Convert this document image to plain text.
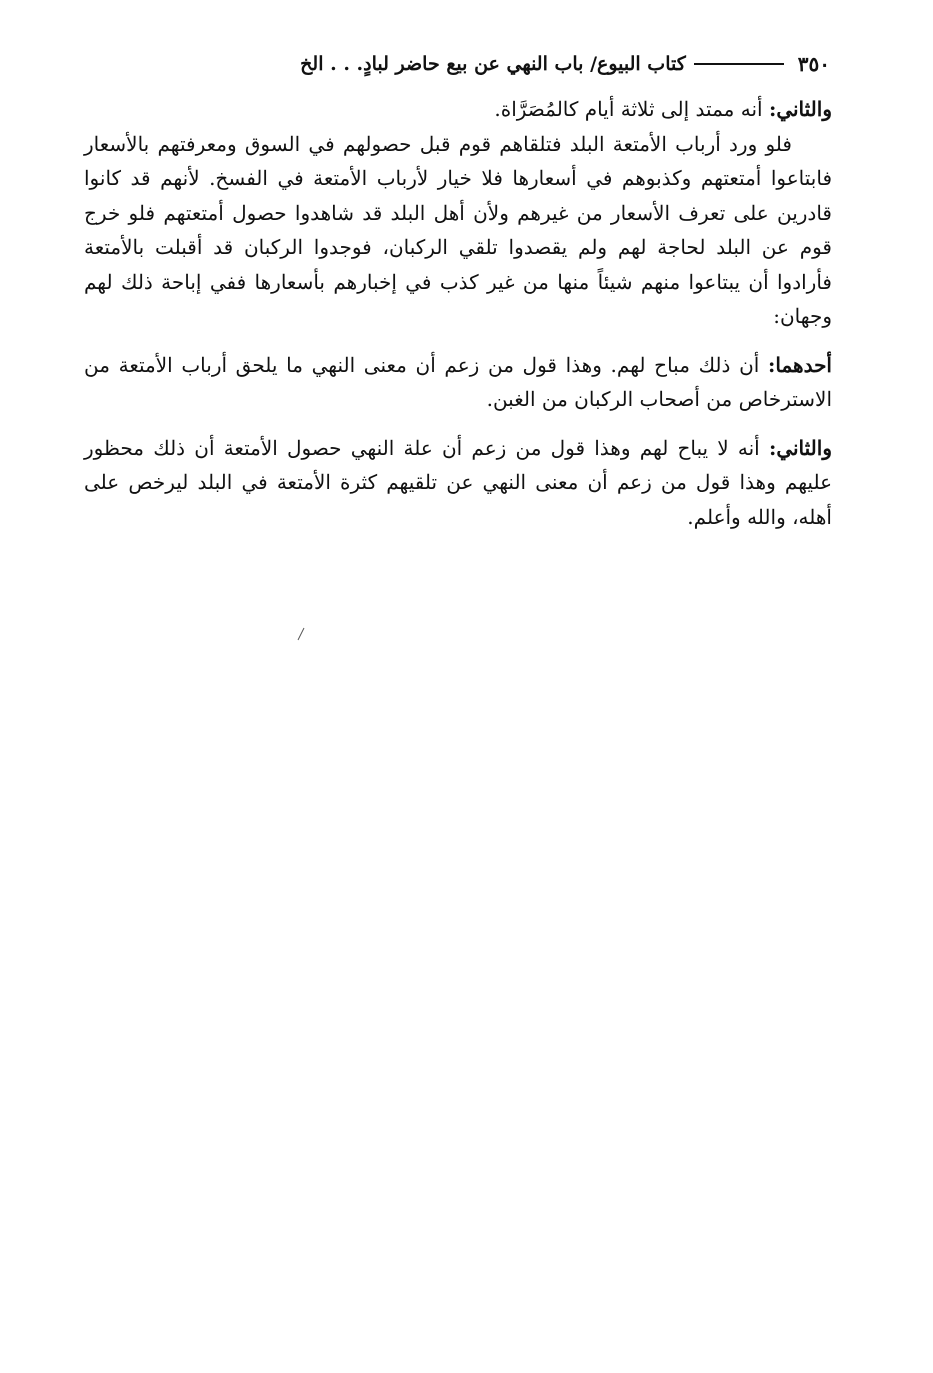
٣٥٠
كتاب البيوع/ باب النهي عن بيع حاضر لبادٍ. . . الخ

والثاني: أنه ممتد إلى ثلاثة أيام كالمُصَرَّاة.

فلو ورد أرباب الأمتعة البلد فتلقاهم قوم قبل حصولهم في السوق ومعرفتهم بالأسعار فابتاعوا أمتعتهم وكذبوهم في أسعارها فلا خيار لأرباب الأمتعة في الفسخ. لأنهم قد كانوا قادرين على تعرف الأسعار من غيرهم ولأن أهل البلد قد شاهدوا حصول أمتعتهم فلو خرج قوم عن البلد لحاجة لهم ولم يقصدوا تلقي الركبان، فوجدوا الركبان قد أقبلت بالأمتعة فأرادوا أن يبتاعوا منهم شيئاً منها من غير كذب في إخبارهم بأسعارها ففي إباحة ذلك لهم وجهان:

أحدهما: أن ذلك مباح لهم. وهذا قول من زعم أن معنى النهي ما يلحق أرباب الأمتعة من الاسترخاص من أصحاب الركبان من الغبن.

والثاني: أنه لا يباح لهم وهذا قول من زعم أن علة النهي حصول الأمتعة أن ذلك محظور عليهم وهذا قول من زعم أن معنى النهي عن تلقيهم كثرة الأمتعة في البلد ليرخص على أهله، والله وأعلم.
